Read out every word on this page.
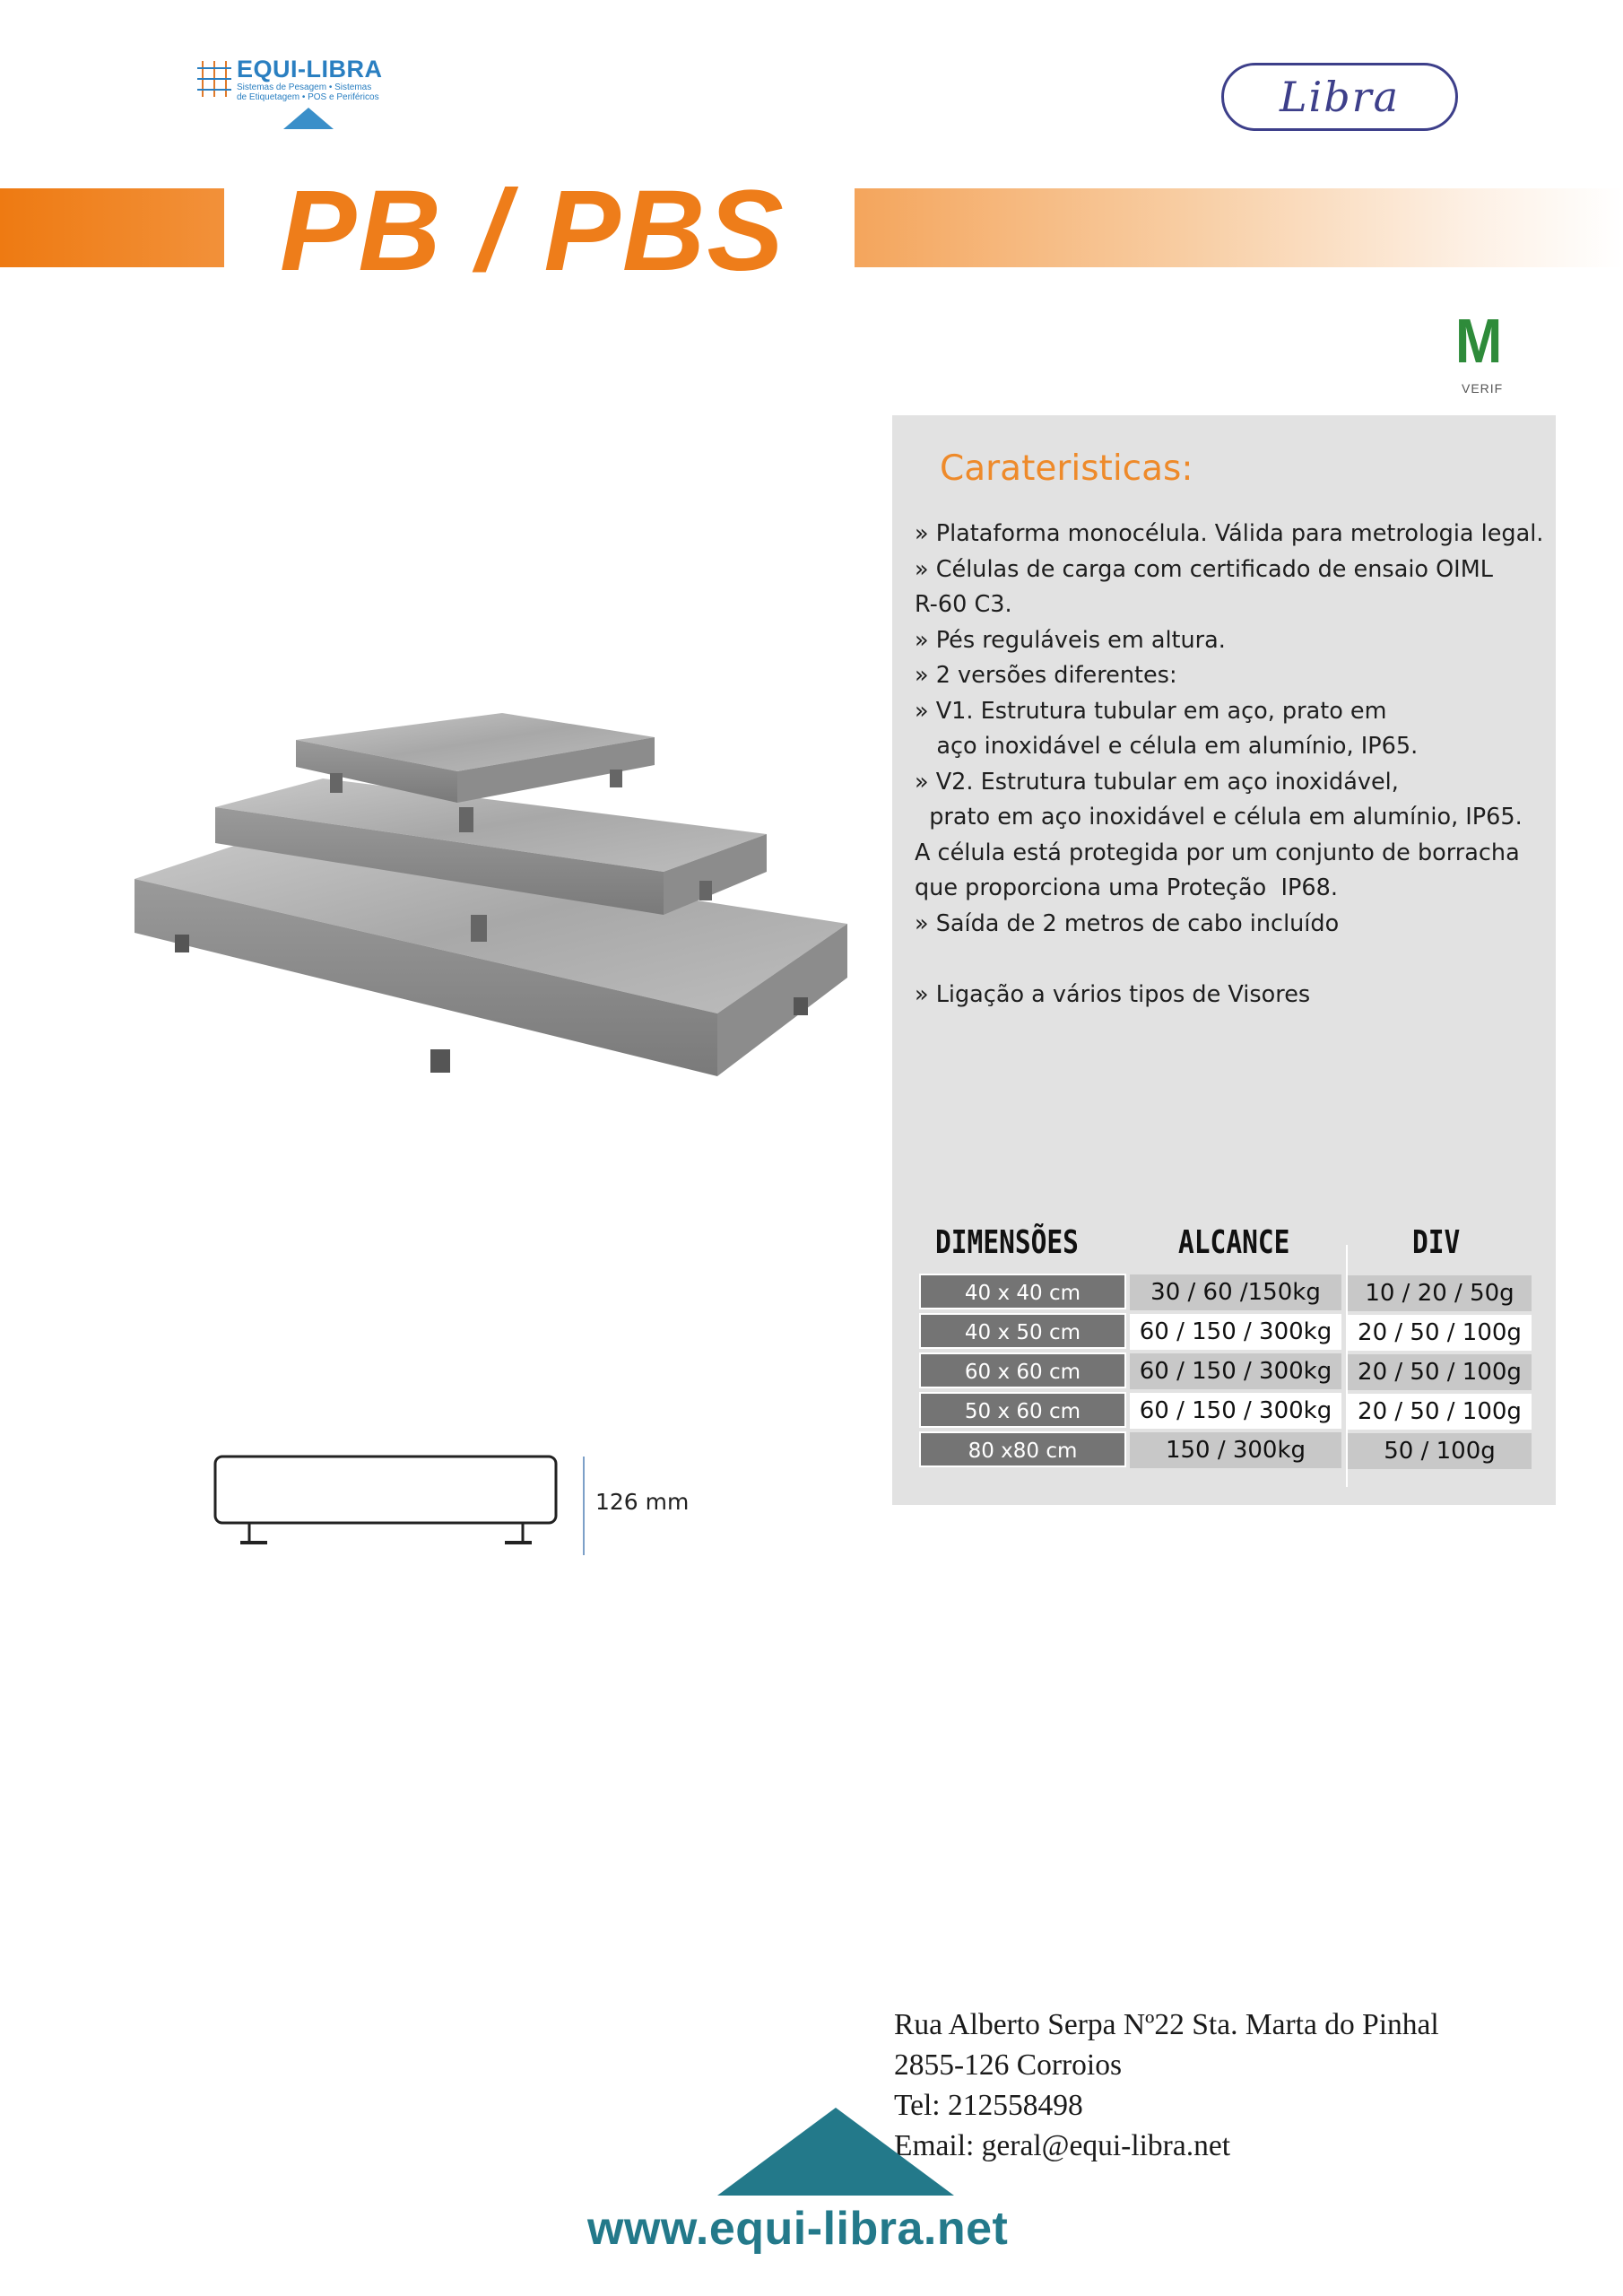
EQUI-LIBRA
Sistemas de Pesagem • Sistemas
de Etiquetagem • POS e Periféricos	Libra
PB / PBS
M
VERIF
Carateristicas:
» Plataforma monocélula. Válida para metrologia legal.
» Células de carga com certificado de ensaio OIML
R-60 C3.
» Pés reguláveis em altura.
» 2 versões diferentes:
» V1. Estrutura tubular em aço, prato em
aço inoxidável e célula em alumínio, IP65.
» V2. Estrutura tubular em aço inoxidável,
prato em aço inoxidável e célula em alumínio, IP65.
A célula está protegida por um conjunto de borracha
que proporciona uma Proteção  IP68.
» Saída de 2 metros de cabo incluído
» Ligação a vários tipos de Visores
DIMENSÕES	ALCANCE	DIV
40 x 40 cm	30 / 60 /150kg	10 / 20 / 50g
40 x 50 cm	60 / 150 / 300kg	20 / 50 / 100g
60 x 60 cm	60 / 150 / 300kg	20 / 50 / 100g
50 x 60 cm	60 / 150 / 300kg	20 / 50 / 100g
80 x80 cm	150 / 300kg	50 / 100g
126 mm
Rua Alberto Serpa Nº22 Sta. Marta do Pinhal
2855-126 Corroios
Tel: 212558498
Email: geral@equi-libra.net
www.equi-libra.net
